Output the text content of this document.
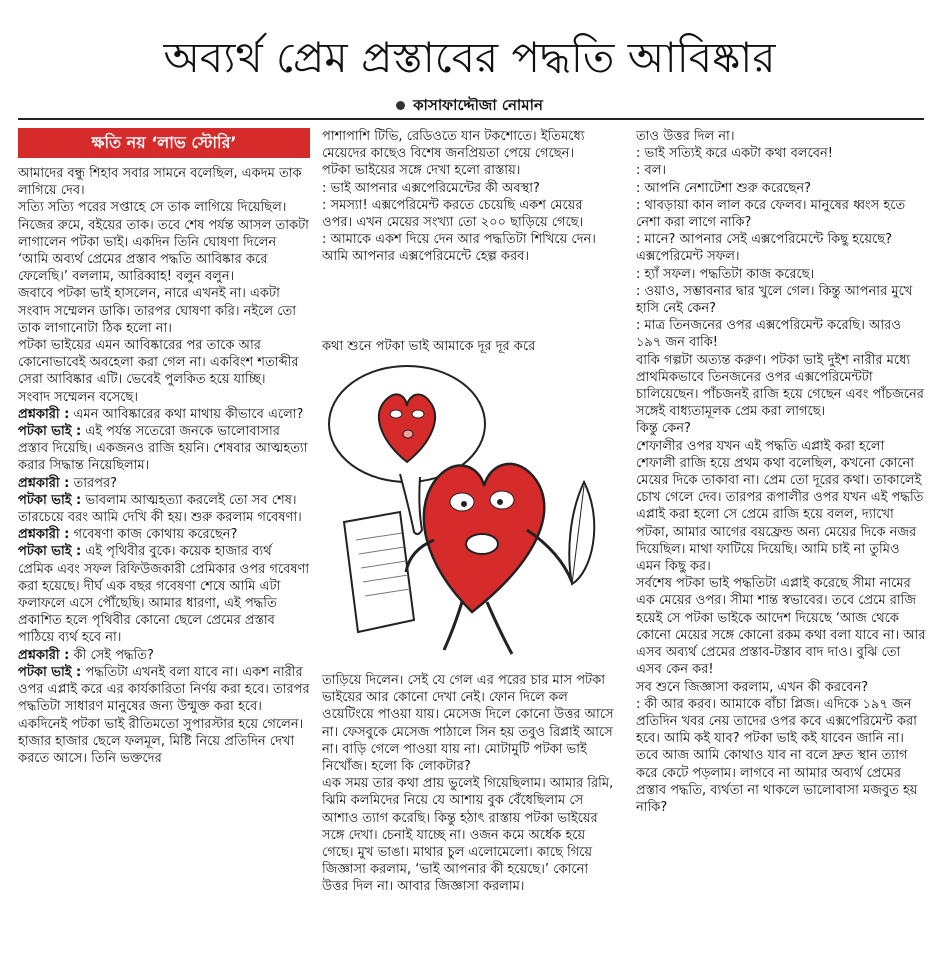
অব্যর্থ প্রেম প্রস্তাবের পদ্ধতি আবিষ্কার
কাসাফাদ্দৌজা নোমান
ক্ষতি নয় ‘লাভ স্টোরি’

আমাদের বন্ধু শিহাব সবার সামনে বলেছিল, একদম তাক লাগিয়ে দেব।

সত্যি সত্যি পরের সপ্তাহে সে তাক লাগিয়ে দিয়েছিল। নিজের রুমে, বইয়ের তাক। তবে শেষ পর্যন্ত আসল তাকটা লাগালেন পটকা ভাই। একদিন তিনি ঘোষণা দিলেন ‘আমি অব্যর্থ প্রেমের প্রস্তাব পদ্ধতি আবিষ্কার করে ফেলেছি।’ বললাম, আরিব্বাহ! বলুন বলুন।

জবাবে পটকা ভাই হাসলেন, নারে এখনই না। একটা সংবাদ সম্মেলন ডাকি। তারপর ঘোষণা করি। নইলে তো তাক লাগানোটা ঠিক হলো না।

পটকা ভাইয়ের এমন আবিষ্কারের পর তাকে আর কোনোভাবেই অবহেলা করা গেল না। একবিংশ শতাব্দীর সেরা আবিষ্কার এটি। ভেবেই পুলকিত হয়ে যাচ্ছি।

সংবাদ সম্মেলন বসেছে।

প্রশ্নকারী : এমন আবিষ্কারের কথা মাথায় কীভাবে এলো?

পটকা ভাই : এই পর্যন্ত সতেরো জনকে ভালোবাসার প্রস্তাব দিয়েছি। একজনও রাজি হয়নি। শেষবার আত্মহত্যা করার সিদ্ধান্ত নিয়েছিলাম।

প্রশ্নকারী : তারপর?

পটকা ভাই : ভাবলাম আত্মহত্যা করলেই তো সব শেষ। তারচেয়ে বরং আমি দেখি কী হয়। শুরু করলাম গবেষণা।

প্রশ্নকারী : গবেষণা কাজ কোথায় করেছেন?

পটকা ভাই : এই পৃথিবীর বুকে। কয়েক হাজার ব্যর্থ প্রেমিক এবং সফল রিফিউজকারী প্রেমিকার ওপর গবেষণা করা হয়েছে। দীর্ঘ এক বছর গবেষণা শেষে আমি এটা ফলাফলে এসে পৌঁছেছি। আমার ধারণা, এই পদ্ধতি প্রকাশিত হলে পৃথিবীর কোনো ছেলে প্রেমের প্রস্তাব পাঠিয়ে ব্যর্থ হবে না।

প্রশ্নকারী : কী সেই পদ্ধতি?

পটকা ভাই : পদ্ধতিটা এখনই বলা যাবে না। একশ নারীর ওপর এপ্লাই করে এর কার্যকারিতা নির্ণয় করা হবে। তারপর পদ্ধতিটা সাধারণ মানুষের জন্য উন্মুক্ত করা হবে।

একদিনেই পটকা ভাই রীতিমতো সুপারস্টার হয়ে গেলেন। হাজার হাজার ছেলে ফলমূল, মিষ্টি নিয়ে প্রতিদিন দেখা করতে আসে। তিনি ভক্তদের

পাশাপাশি টিভি, রেডিওতে যান টকশোতে। ইতিমধ্যে মেয়েদের কাছেও বিশেষ জনপ্রিয়তা পেয়ে গেছেন।

পটকা ভাইয়ের সঙ্গে দেখা হলো রাস্তায়।

: ভাই আপনার এক্সপেরিমেন্টের কী অবস্থা?

: সমস্যা! এক্সপেরিমেন্ট করতে চেয়েছি একশ মেয়ের ওপর। এখন মেয়ের সংখ্যা তো ২০০ ছাড়িয়ে গেছে।

: আমাকে একশ দিয়ে দেন আর পদ্ধতিটা শিখিয়ে দেন। আমি আপনার এক্সপেরিমেন্টে হেল্প করব।

কথা শুনে পটকা ভাই আমাকে দূর দূর করে

তাড়িয়ে দিলেন। সেই যে গেল এর পরের চার মাস পটকা ভাইয়ের আর কোনো দেখা নেই। ফোন দিলে কল ওয়েটিংয়ে পাওয়া যায়। মেসেজ দিলে কোনো উত্তর আসে না। ফেসবুকে মেসেজ পাঠালে সিন হয় তবুও রিপ্লাই আসে না। বাড়ি গেলে পাওয়া যায় না। মোটামুটি পটকা ভাই নিখোঁজ। হলো কি লোকটার?

এক সময় তার কথা প্রায় ভুলেই গিয়েছিলাম। আমার রিমি, ঝিমি কলমিদের নিয়ে যে আশায় বুক বেঁধেছিলাম সে আশাও ত্যাগ করেছি। কিন্তু হঠাৎ রাস্তায় পটকা ভাইয়ের সঙ্গে দেখা। চেনাই যাচ্ছে না। ওজন কমে অর্ধেক হয়ে গেছে। মুখ ভাঙা। মাথার চুল এলোমেলো। কাছে গিয়ে জিজ্ঞাসা করলাম, ‘ভাই আপনার কী হয়েছে।’ কোনো উত্তর দিল না। আবার জিজ্ঞাসা করলাম।

তাও উত্তর দিল না।

: ভাই সত্যিই করে একটা কথা বলবেন!

: বল।

: আপনি নেশাটেশা শুরু করেছেন?

: থাবড়ায়া কান লাল করে ফেলব। মানুষের ধ্বংস হতে নেশা করা লাগে নাকি?

: মানে? আপনার সেই এক্সপেরিমেন্টে কিছু হয়েছে? এক্সপেরিমেন্ট সফল।

: হ্যাঁ সফল। পদ্ধতিটা কাজ করেছে।

: ওয়াও, সম্ভাবনার দ্বার খুলে গেল। কিন্তু আপনার মুখে হাসি নেই কেন?

: মাত্র তিনজনের ওপর এক্সপেরিমেন্ট করেছি। আরও ১৯৭ জন বাকি!

বাকি গল্পটা অত্যন্ত করুণ। পটকা ভাই দুইশ নারীর মধ্যে প্রাথমিকভাবে তিনজনের ওপর এক্সপেরিমেন্টটা চালিয়েছেন। পাঁচজনই রাজি হয়ে গেছেন এবং পাঁচজনের সঙ্গেই বাধ্যতামূলক প্রেম করা লাগছে।

কিন্তু কেন?

শেফালীর ওপর যখন এই পদ্ধতি এপ্লাই করা হলো শেফালী রাজি হয়ে প্রথম কথা বলেছিল, কখনো কোনো মেয়ের দিকে তাকাবা না। প্রেম তো দূরের কথা। তাকালেই চোখ গেলে দেব। তারপর রূপালীর ওপর যখন এই পদ্ধতি এপ্লাই করা হলো সে প্রেমে রাজি হয়ে বলল, দ্যাখো পটকা, আমার আগের বয়ফ্রেন্ড অন্য মেয়ের দিকে নজর দিয়েছিল। মাথা ফাটিয়ে দিয়েছি। আমি চাই না তুমিও এমন কিছু কর।

সর্বশেষ পটকা ভাই পদ্ধতিটা এপ্লাই করেছে সীমা নামের এক মেয়ের ওপর। সীমা শান্ত স্বভাবের। তবে প্রেমে রাজি হয়েই সে পটকা ভাইকে আদেশ দিয়েছে ‘আজ থেকে কোনো মেয়ের সঙ্গে কোনো রকম কথা বলা যাবে না। আর এসব অব্যর্থ প্রেমের প্রস্তাব-টস্তাব বাদ দাও। বুঝি তো এসব কেন কর!

সব শুনে জিজ্ঞাসা করলাম, এখন কী করবেন?

: কী আর করব। আমাকে বাঁচা প্লিজ। এদিকে ১৯৭ জন প্রতিদিন খবর নেয় তাদের ওপর কবে এক্সপেরিমেন্ট করা হবে। আমি কই যাব? পটকা ভাই কই যাবেন জানি না। তবে আজ আমি কোথাও যাব না বলে দ্রুত স্থান ত্যাগ করে কেটে পড়লাম। লাগবে না আমার অব্যর্থ প্রেমের প্রস্তাব পদ্ধতি, ব্যর্থতা না থাকলে ভালোবাসা মজবুত হয় নাকি?
